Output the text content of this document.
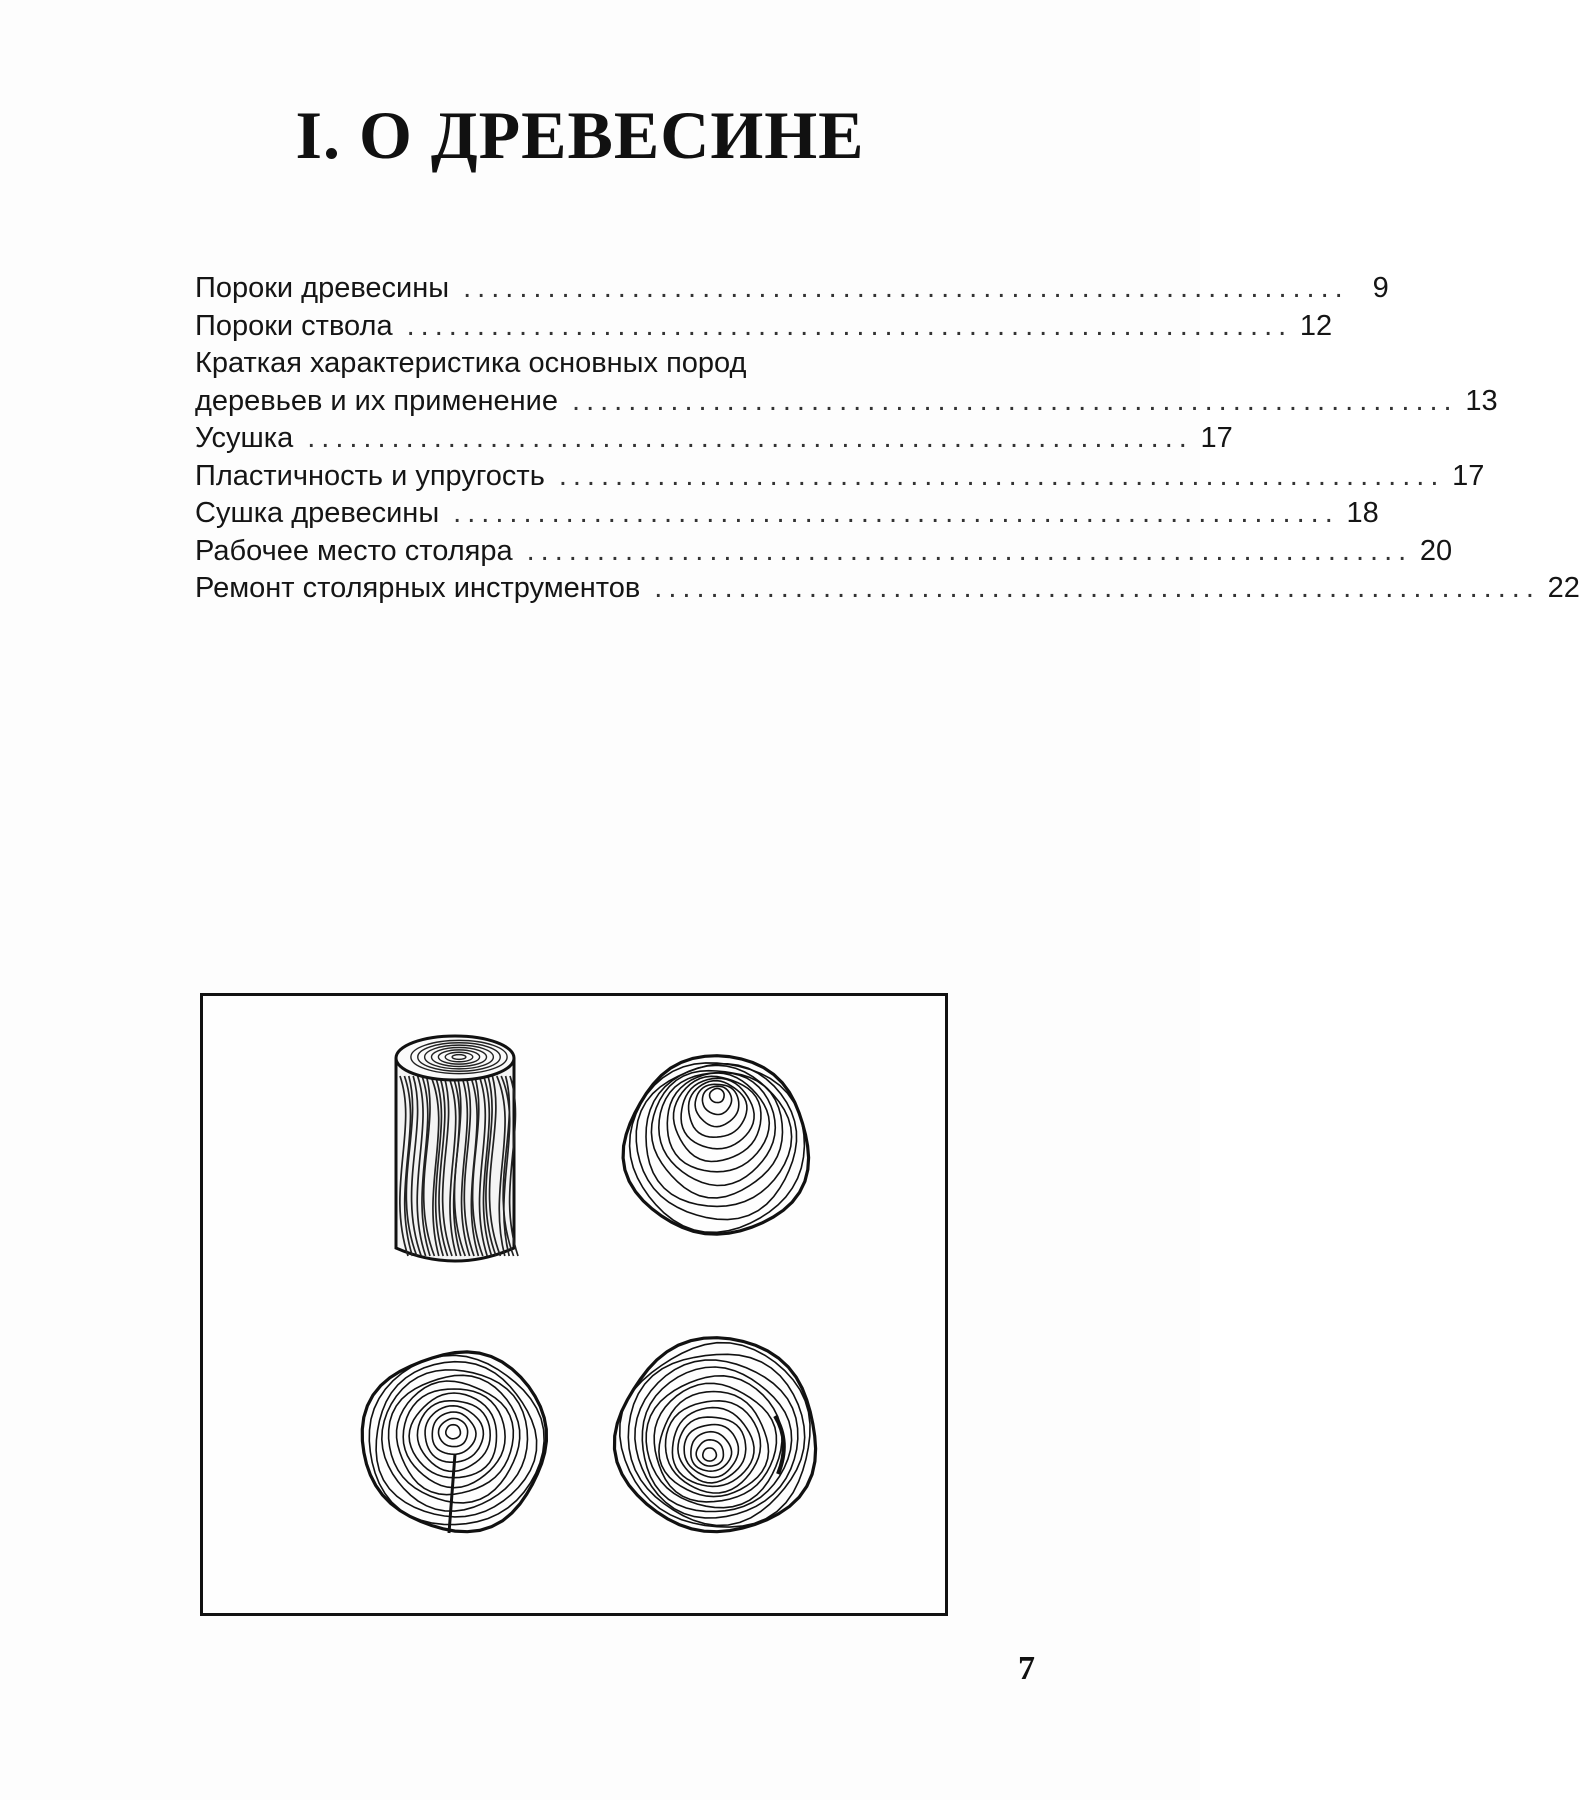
I. О ДРЕВЕСИНЕ
Пороки древесины ............................................................... 9
Пороки ствола ............................................................... 12
Краткая характеристика основных пород
деревьев и их применение ............................................................... 13
Усушка ............................................................... 17
Пластичность и упругость ............................................................... 17
Сушка древесины ............................................................... 18
Рабочее место столяра ............................................................... 20
Ремонт столярных инструментов ............................................................... 22
7
